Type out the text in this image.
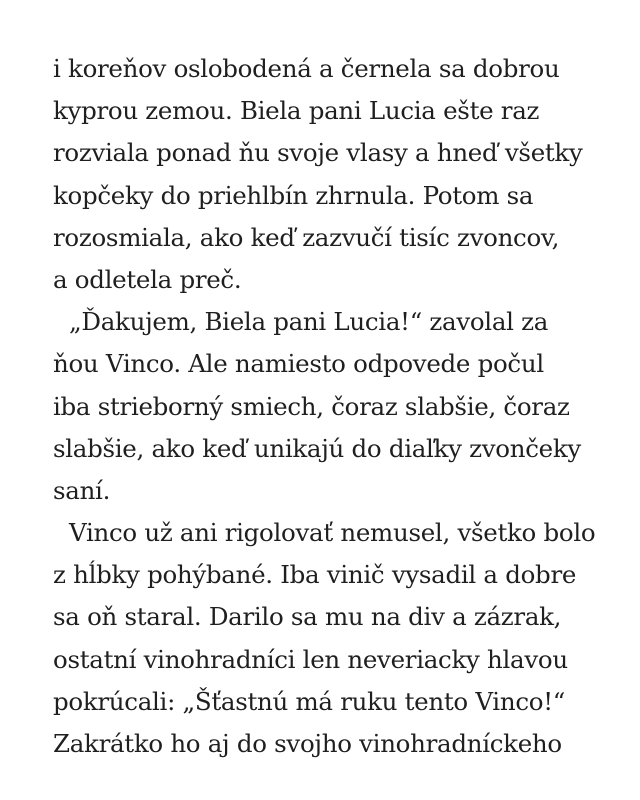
i koreňov oslobodená a černela sa dobrou
kyprou zemou. Biela pani Lucia ešte raz
rozviala ponad ňu svoje vlasy a hneď všetky
kopčeky do priehlbín zhrnula. Potom sa
rozosmiala, ako keď zazvučí tisíc zvoncov,
a odletela preč.
„Ďakujem, Biela pani Lucia!“ zavolal za
ňou Vinco. Ale namiesto odpovede počul
iba strieborný smiech, čoraz slabšie, čoraz
slabšie, ako keď unikajú do diaľky zvončeky
saní.
Vinco už ani rigolovať nemusel, všetko bolo
z hĺbky pohýbané. Iba vinič vysadil a dobre
sa oň staral. Darilo sa mu na div a zázrak,
ostatní vinohradníci len neveriacky hlavou
pokrúcali: „Šťastnú má ruku tento Vinco!“
Zakrátko ho aj do svojho vinohradníckeho
